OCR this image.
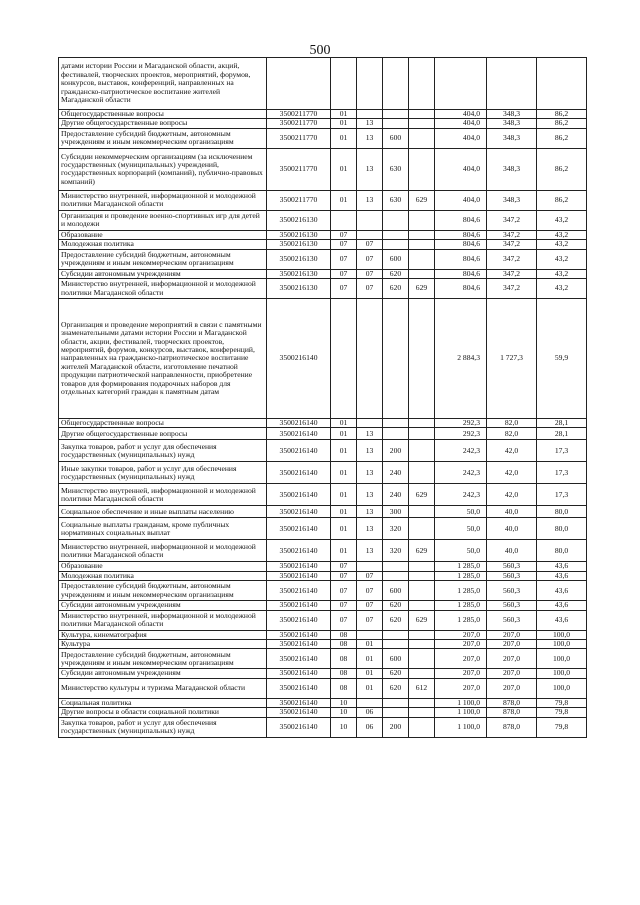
500
датами истории России и Магаданской области, акций, фестивалей, творческих проектов, мероприятий, форумов, конкурсов, выставок, конференций, направленных на гражданско-патриотическое воспитание жителей Магаданской области								
Общегосударственные вопросы	3500211770	01				404,0	348,3	86,2
Другие общегосударственные вопросы	3500211770	01	13			404,0	348,3	86,2
Предоставление субсидий бюджетным, автономным учреждениям и иным некоммерческим организациям	3500211770	01	13	600		404,0	348,3	86,2
Субсидии некоммерческим организациям (за исключением государственных (муниципальных) учреждений, государственных корпораций (компаний), публично-правовых компаний)	3500211770	01	13	630		404,0	348,3	86,2
Министерство внутренней, информационной и молодежной политики Магаданской области	3500211770	01	13	630	629	404,0	348,3	86,2
Организация и проведение военно-спортивных игр для детей и молодежи	3500216130					804,6	347,2	43,2
Образование	3500216130	07				804,6	347,2	43,2
Молодежная политика	3500216130	07	07			804,6	347,2	43,2
Предоставление субсидий бюджетным, автономным учреждениям и иным некоммерческим организациям	3500216130	07	07	600		804,6	347,2	43,2
Субсидии автономным учреждениям	3500216130	07	07	620		804,6	347,2	43,2
Министерство внутренней, информационной и молодежной политики Магаданской области	3500216130	07	07	620	629	804,6	347,2	43,2
Организация и проведение мероприятий в связи с памятными знаменательными датами истории России и Магаданской области, акции, фестивалей, творческих проектов, мероприятий, форумов, конкурсов, выставок, конференций, направленных на гражданско-патриотическое воспитание жителей Магаданской области, изготовление печатной продукции патриотической направленности, приобретение товаров для формирования подарочных наборов для отдельных категорий граждан к памятным датам	3500216140					2 884,3	1 727,3	59,9
Общегосударственные вопросы	3500216140	01				292,3	82,0	28,1
Другие общегосударственные вопросы	3500216140	01	13			292,3	82,0	28,1
Закупка товаров, работ и услуг для обеспечения государственных (муниципальных) нужд	3500216140	01	13	200		242,3	42,0	17,3
Иные закупки товаров, работ и услуг для обеспечения государственных (муниципальных) нужд	3500216140	01	13	240		242,3	42,0	17,3
Министерство внутренней, информационной и молодежной политики Магаданской области	3500216140	01	13	240	629	242,3	42,0	17,3
Социальное обеспечение и иные выплаты населению	3500216140	01	13	300		50,0	40,0	80,0
Социальные выплаты гражданам, кроме публичных нормативных социальных выплат	3500216140	01	13	320		50,0	40,0	80,0
Министерство внутренней, информационной и молодежной политики Магаданской области	3500216140	01	13	320	629	50,0	40,0	80,0
Образование	3500216140	07				1 285,0	560,3	43,6
Молодежная политика	3500216140	07	07			1 285,0	560,3	43,6
Предоставление субсидий бюджетным, автономным учреждениям и иным некоммерческим организациям	3500216140	07	07	600		1 285,0	560,3	43,6
Субсидии автономным учреждениям	3500216140	07	07	620		1 285,0	560,3	43,6
Министерство внутренней, информационной и молодежной политики Магаданской области	3500216140	07	07	620	629	1 285,0	560,3	43,6
Культура, кинематография	3500216140	08				207,0	207,0	100,0
Культура	3500216140	08	01			207,0	207,0	100,0
Предоставление субсидий бюджетным, автономным учреждениям и иным некоммерческим организациям	3500216140	08	01	600		207,0	207,0	100,0
Субсидии автономным учреждениям	3500216140	08	01	620		207,0	207,0	100,0
Министерство культуры и туризма Магаданской области	3500216140	08	01	620	612	207,0	207,0	100,0
Социальная политика	3500216140	10				1 100,0	878,0	79,8
Другие вопросы в области социальной политики	3500216140	10	06			1 100,0	878,0	79,8
Закупка товаров, работ и услуг для обеспечения государственных (муниципальных) нужд	3500216140	10	06	200		1 100,0	878,0	79,8
